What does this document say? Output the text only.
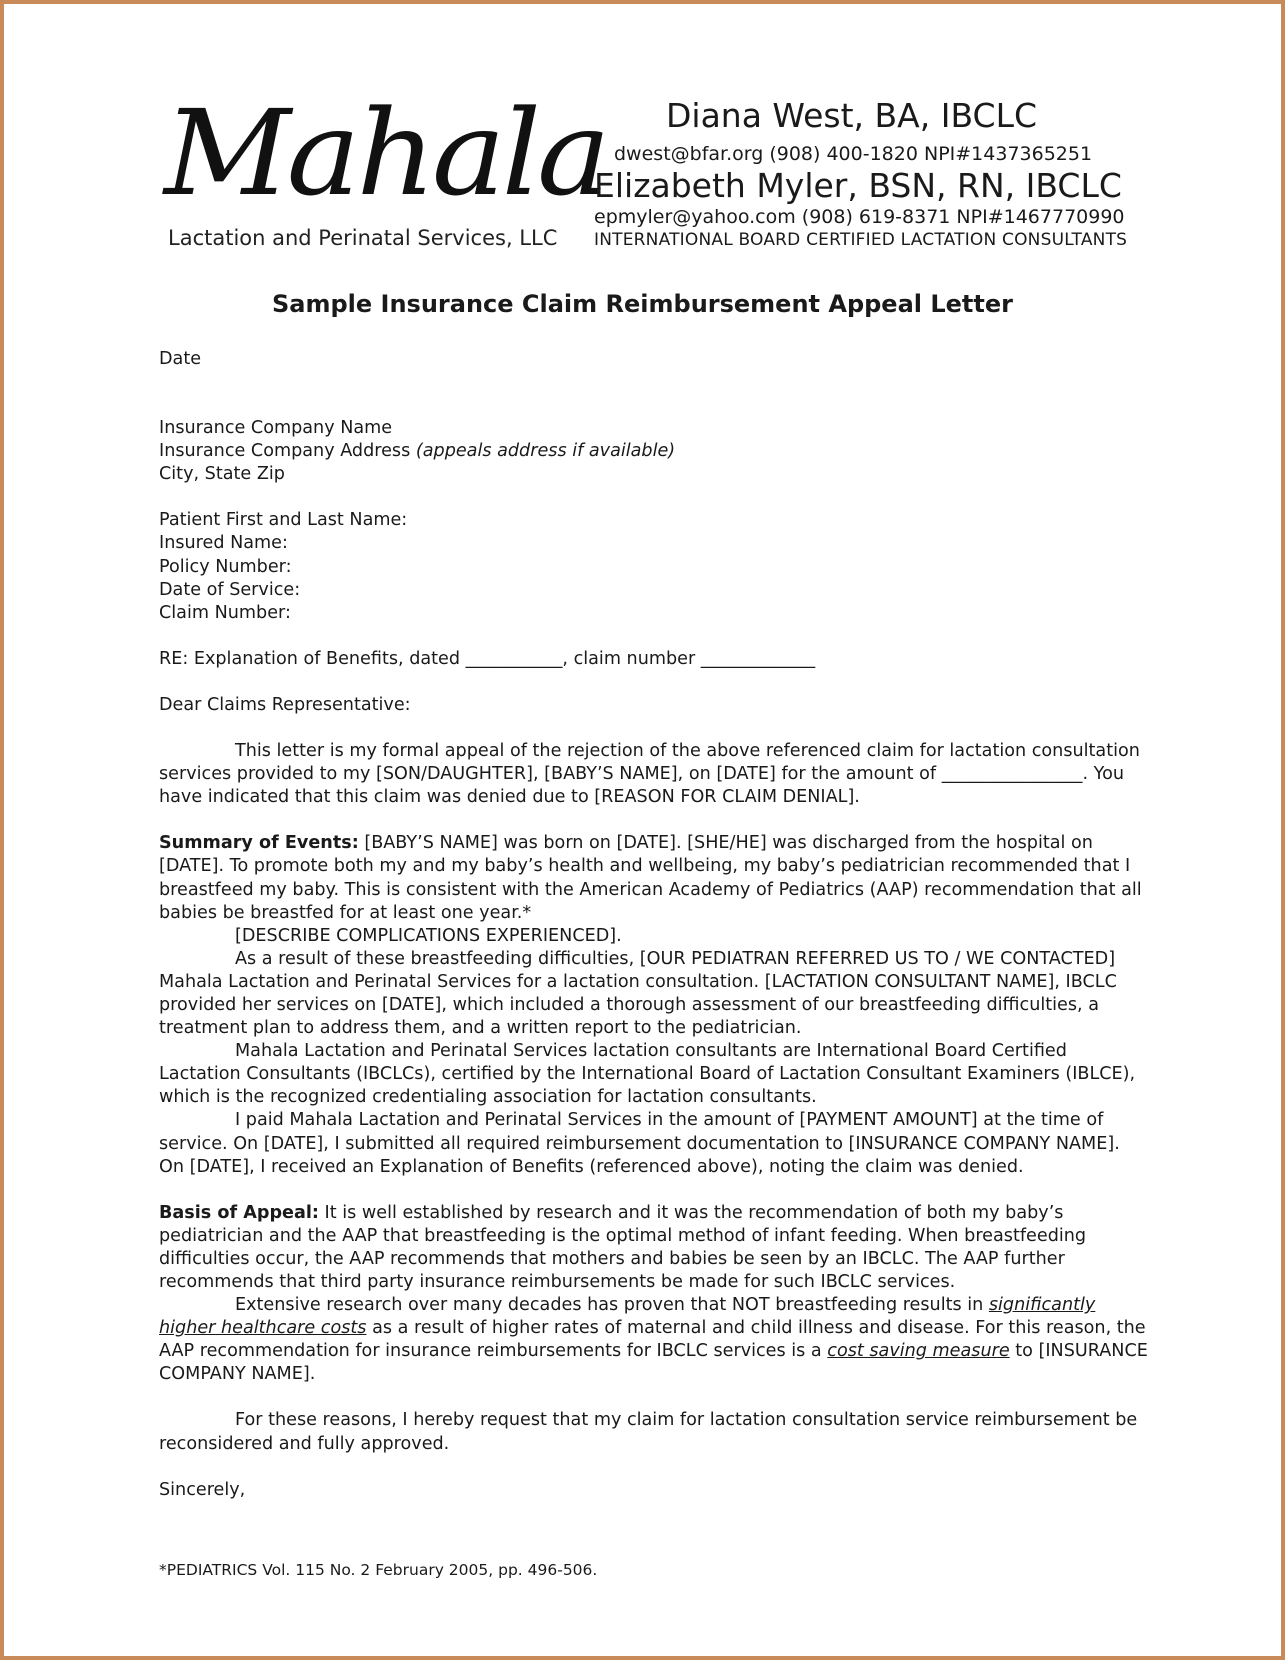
Mahala
Lactation and Perinatal Services, LLC
Diana West, BA, IBCLC
dwest@bfar.org (908) 400-1820 NPI#1437365251
Elizabeth Myler, BSN, RN, IBCLC
epmyler@yahoo.com (908) 619-8371 NPI#1467770990
INTERNATIONAL BOARD CERTIFIED LACTATION CONSULTANTS
Sample Insurance Claim Reimbursement Appeal Letter

Date

Insurance Company Name

Insurance Company Address (appeals address if available)

City, State Zip

Patient First and Last Name:

Insured Name:

Policy Number:

Date of Service:

Claim Number:

RE: Explanation of Benefits, dated ___________, claim number _____________

Dear Claims Representative:

This letter is my formal appeal of the rejection of the above referenced claim for lactation consultation services provided to my [SON/DAUGHTER], [BABY’S NAME], on [DATE] for the amount of ________________. You have indicated that this claim was denied due to [REASON FOR CLAIM DENIAL].

Summary of Events: [BABY’S NAME] was born on [DATE]. [SHE/HE] was discharged from the hospital on [DATE]. To promote both my and my baby’s health and wellbeing, my baby’s pediatrician recommended that I breastfeed my baby. This is consistent with the American Academy of Pediatrics (AAP) recommendation that all babies be breastfed for at least one year.*

[DESCRIBE COMPLICATIONS EXPERIENCED].

As a result of these breastfeeding difficulties, [OUR PEDIATRAN REFERRED US TO / WE CONTACTED] Mahala Lactation and Perinatal Services for a lactation consultation. [LACTATION CONSULTANT NAME], IBCLC provided her services on [DATE], which included a thorough assessment of our breastfeeding difficulties, a treatment plan to address them, and a written report to the pediatrician.

Mahala Lactation and Perinatal Services lactation consultants are International Board Certified Lactation Consultants (IBCLCs), certified by the International Board of Lactation Consultant Examiners (IBLCE), which is the recognized credentialing association for lactation consultants.

I paid Mahala Lactation and Perinatal Services in the amount of [PAYMENT AMOUNT] at the time of service. On [DATE], I submitted all required reimbursement documentation to [INSURANCE COMPANY NAME]. On [DATE], I received an Explanation of Benefits (referenced above), noting the claim was denied.

Basis of Appeal: It is well established by research and it was the recommendation of both my baby’s pediatrician and the AAP that breastfeeding is the optimal method of infant feeding. When breastfeeding difficulties occur, the AAP recommends that mothers and babies be seen by an IBCLC. The AAP further recommends that third party insurance reimbursements be made for such IBCLC services.

Extensive research over many decades has proven that NOT breastfeeding results in significantly higher healthcare costs as a result of higher rates of maternal and child illness and disease. For this reason, the AAP recommendation for insurance reimbursements for IBCLC services is a cost saving measure to [INSURANCE COMPANY NAME].

For these reasons, I hereby request that my claim for lactation consultation service reimbursement be reconsidered and fully approved.

Sincerely,

*PEDIATRICS Vol. 115 No. 2 February 2005, pp. 496-506.
